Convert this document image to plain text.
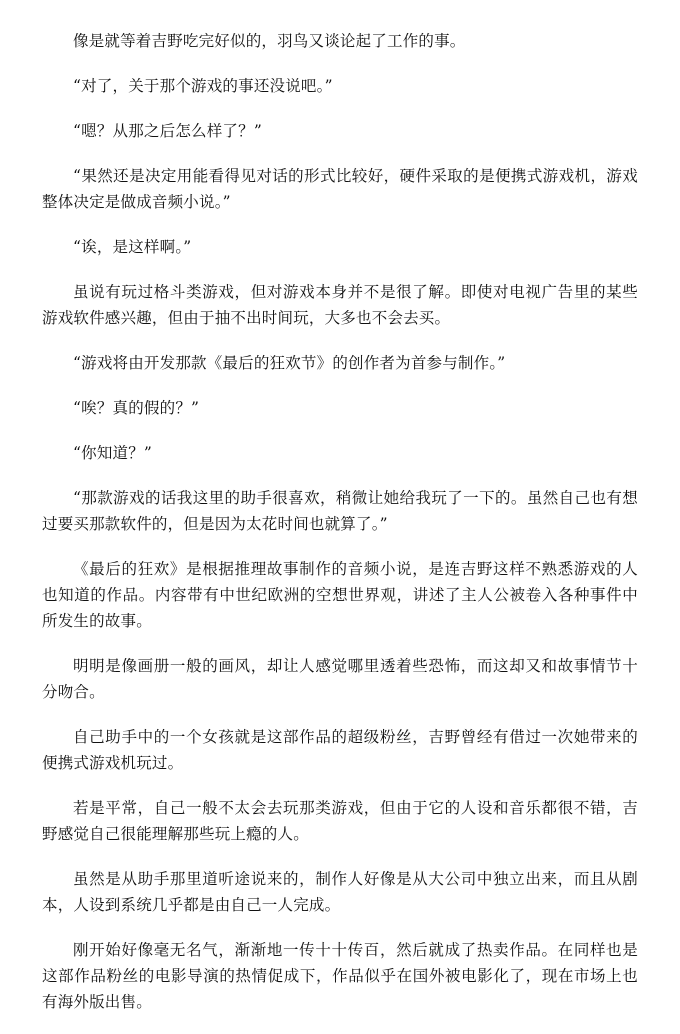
像是就等着吉野吃完好似的，羽鸟又谈论起了工作的事。

“对了，关于那个游戏的事还没说吧。”

“嗯？从那之后怎么样了？”

“果然还是决定用能看得见对话的形式比较好，硬件采取的是便携式游戏机，游戏整体决定是做成音频小说。”

“诶，是这样啊。”

虽说有玩过格斗类游戏，但对游戏本身并不是很了解。即使对电视广告里的某些游戏软件感兴趣，但由于抽不出时间玩，大多也不会去买。

“游戏将由开发那款《最后的狂欢节》的创作者为首参与制作。”

“唉？真的假的？”

“你知道？”

“那款游戏的话我这里的助手很喜欢，稍微让她给我玩了一下的。虽然自己也有想过要买那款软件的，但是因为太花时间也就算了。”

《最后的狂欢》是根据推理故事制作的音频小说，是连吉野这样不熟悉游戏的人也知道的作品。内容带有中世纪欧洲的空想世界观，讲述了主人公被卷入各种事件中所发生的故事。

明明是像画册一般的画风，却让人感觉哪里透着些恐怖，而这却又和故事情节十分吻合。

自己助手中的一个女孩就是这部作品的超级粉丝，吉野曾经有借过一次她带来的便携式游戏机玩过。

若是平常，自己一般不太会去玩那类游戏，但由于它的人设和音乐都很不错，吉野感觉自己很能理解那些玩上瘾的人。

虽然是从助手那里道听途说来的，制作人好像是从大公司中独立出来，而且从剧本，人设到系统几乎都是由自己一人完成。

刚开始好像毫无名气，渐渐地一传十十传百，然后就成了热卖作品。在同样也是这部作品粉丝的电影导演的热情促成下，作品似乎在国外被电影化了，现在市场上也有海外版出售。
